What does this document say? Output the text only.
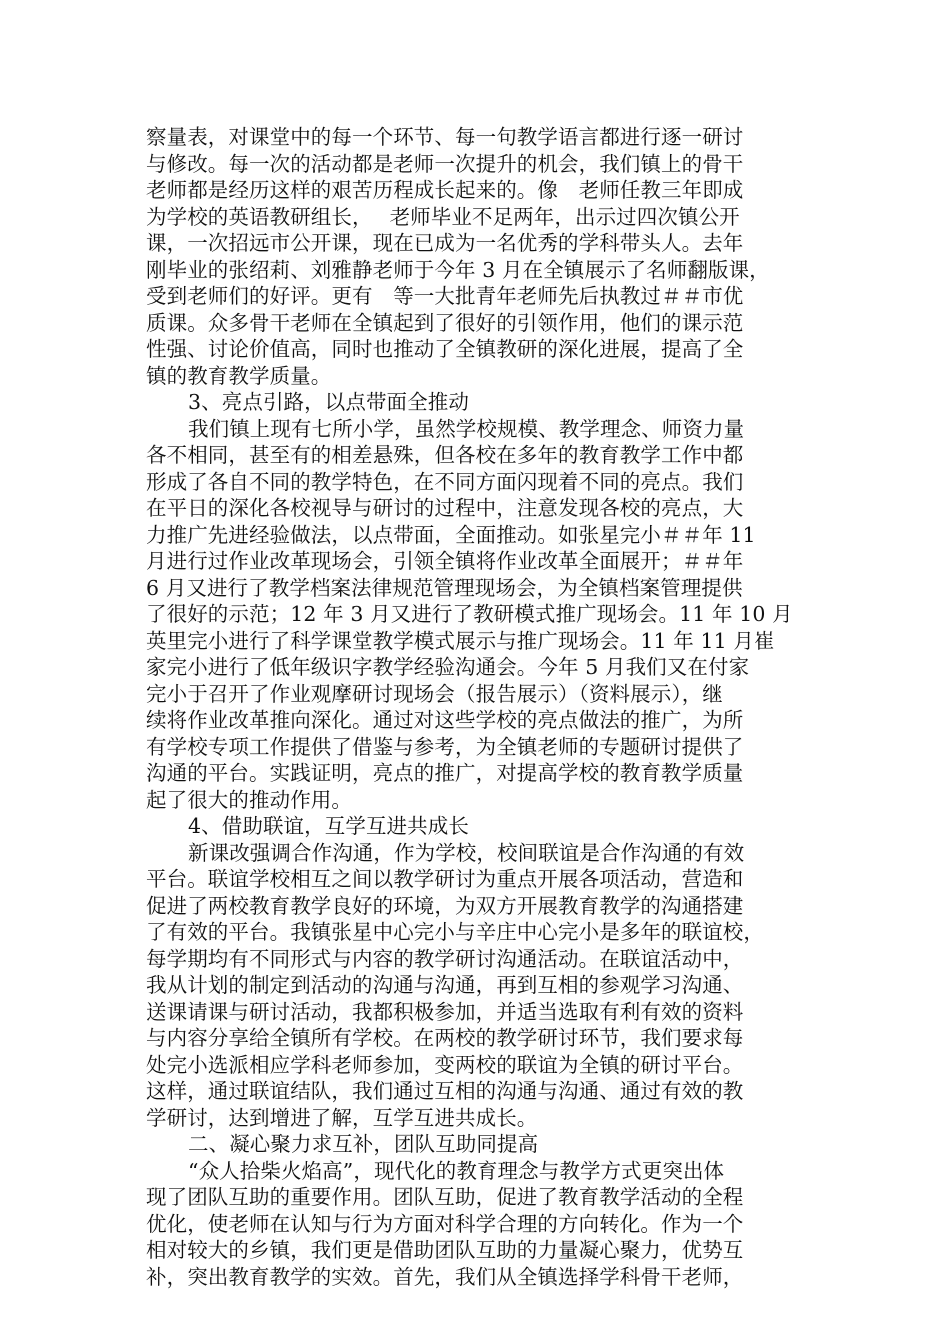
察量表，对课堂中的每一个环节、每一句教学语言都进行逐一研讨
与修改。每一次的活动都是老师一次提升的机会，我们镇上的骨干
老师都是经历这样的艰苦历程成长起来的。像　老师任教三年即成
为学校的英语教研组长，　 老师毕业不足两年，出示过四次镇公开
课，一次招远市公开课，现在已成为一名优秀的学科带头人。去年
刚毕业的张绍莉、刘雅静老师于今年 3 月在全镇展示了名师翻版课，
受到老师们的好评。更有　等一大批青年老师先后执教过＃＃市优
质课。众多骨干老师在全镇起到了很好的引领作用，他们的课示范
性强、讨论价值高，同时也推动了全镇教研的深化进展，提高了全
镇的教育教学质量。
3、亮点引路，以点带面全推动
我们镇上现有七所小学，虽然学校规模、教学理念、师资力量
各不相同，甚至有的相差悬殊，但各校在多年的教育教学工作中都
形成了各自不同的教学特色，在不同方面闪现着不同的亮点。我们
在平日的深化各校视导与研讨的过程中，注意发现各校的亮点，大
力推广先进经验做法，以点带面，全面推动。如张星完小＃＃年 11
月进行过作业改革现场会，引领全镇将作业改革全面展开；＃＃年
6 月又进行了教学档案法律规范管理现场会，为全镇档案管理提供
了很好的示范；12 年 3 月又进行了教研模式推广现场会。11 年 10 月
英里完小进行了科学课堂教学模式展示与推广现场会。11 年 11 月崔
家完小进行了低年级识字教学经验沟通会。今年 5 月我们又在付家
完小于召开了作业观摩研讨现场会（报告展示）（资料展示），继
续将作业改革推向深化。通过对这些学校的亮点做法的推广，为所
有学校专项工作提供了借鉴与参考，为全镇老师的专题研讨提供了
沟通的平台。实践证明，亮点的推广，对提高学校的教育教学质量
起了很大的推动作用。
4、借助联谊，互学互进共成长
新课改强调合作沟通，作为学校，校间联谊是合作沟通的有效
平台。联谊学校相互之间以教学研讨为重点开展各项活动，营造和
促进了两校教育教学良好的环境，为双方开展教育教学的沟通搭建
了有效的平台。我镇张星中心完小与辛庄中心完小是多年的联谊校，
每学期均有不同形式与内容的教学研讨沟通活动。在联谊活动中，
我从计划的制定到活动的沟通与沟通，再到互相的参观学习沟通、
送课请课与研讨活动，我都积极参加，并适当选取有利有效的资料
与内容分享给全镇所有学校。在两校的教学研讨环节，我们要求每
处完小选派相应学科老师参加，变两校的联谊为全镇的研讨平台。
这样，通过联谊结队，我们通过互相的沟通与沟通、通过有效的教
学研讨，达到增进了解，互学互进共成长。
二、凝心聚力求互补，团队互助同提高
“众人拾柴火焰高”，现代化的教育理念与教学方式更突出体
现了团队互助的重要作用。团队互助，促进了教育教学活动的全程
优化，使老师在认知与行为方面对科学合理的方向转化。作为一个
相对较大的乡镇，我们更是借助团队互助的力量凝心聚力，优势互
补，突出教育教学的实效。首先，我们从全镇选择学科骨干老师，
